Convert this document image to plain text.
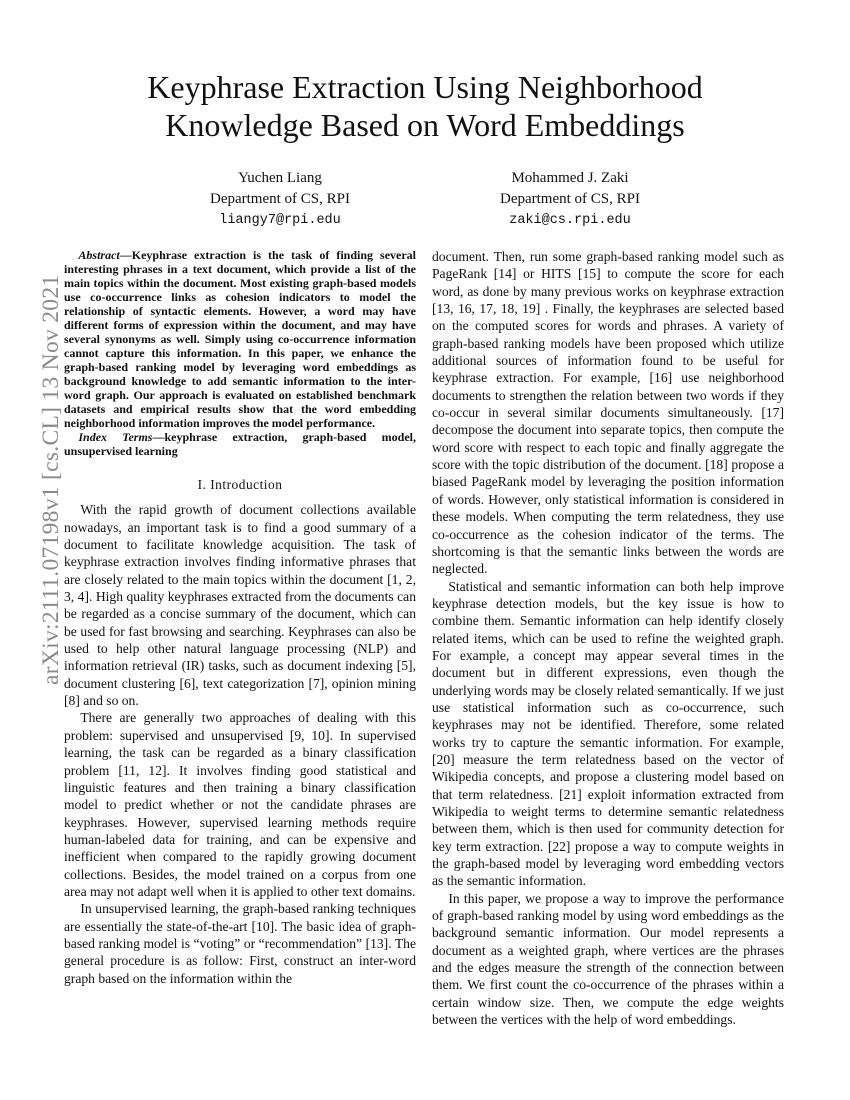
arXiv:2111.07198v1 [cs.CL] 13 Nov 2021
Keyphrase Extraction Using Neighborhood Knowledge Based on Word Embeddings
Yuchen Liang
Department of CS, RPI
liangy7@rpi.edu
Mohammed J. Zaki
Department of CS, RPI
zaki@cs.rpi.edu

Abstract—Keyphrase extraction is the task of finding several interesting phrases in a text document, which provide a list of the main topics within the document. Most existing graph-based models use co-occurrence links as cohesion indicators to model the relationship of syntactic elements. However, a word may have different forms of expression within the document, and may have several synonyms as well. Simply using co-occurrence information cannot capture this information. In this paper, we enhance the graph-based ranking model by leveraging word embeddings as background knowledge to add semantic information to the inter-word graph. Our approach is evaluated on established benchmark datasets and empirical results show that the word embedding neighborhood information improves the model performance.

Index Terms—keyphrase extraction, graph-based model, unsupervised learning

I. Introduction

With the rapid growth of document collections available nowadays, an important task is to find a good summary of a document to facilitate knowledge acquisition. The task of keyphrase extraction involves finding informative phrases that are closely related to the main topics within the document [1, 2, 3, 4]. High quality keyphrases extracted from the documents can be regarded as a concise summary of the document, which can be used for fast browsing and searching. Keyphrases can also be used to help other natural language processing (NLP) and information retrieval (IR) tasks, such as document indexing [5], document clustering [6], text categorization [7], opinion mining [8] and so on.

There are generally two approaches of dealing with this problem: supervised and unsupervised [9, 10]. In supervised learning, the task can be regarded as a binary classification problem [11, 12]. It involves finding good statistical and linguistic features and then training a binary classification model to predict whether or not the candidate phrases are keyphrases. However, supervised learning methods require human-labeled data for training, and can be expensive and inefficient when compared to the rapidly growing document collections. Besides, the model trained on a corpus from one area may not adapt well when it is applied to other text domains.

In unsupervised learning, the graph-based ranking techniques are essentially the state-of-the-art [10]. The basic idea of graph-based ranking model is “voting” or “recommendation” [13]. The general procedure is as follow: First, construct an inter-word graph based on the information within the

document. Then, run some graph-based ranking model such as PageRank [14] or HITS [15] to compute the score for each word, as done by many previous works on keyphrase extraction [13, 16, 17, 18, 19] . Finally, the keyphrases are selected based on the computed scores for words and phrases. A variety of graph-based ranking models have been proposed which utilize additional sources of information found to be useful for keyphrase extraction. For example, [16] use neighborhood documents to strengthen the relation between two words if they co-occur in several similar documents simultaneously. [17] decompose the document into separate topics, then compute the word score with respect to each topic and finally aggregate the score with the topic distribution of the document. [18] propose a biased PageRank model by leveraging the position information of words. However, only statistical information is considered in these models. When computing the term relatedness, they use co-occurrence as the cohesion indicator of the terms. The shortcoming is that the semantic links between the words are neglected.

Statistical and semantic information can both help improve keyphrase detection models, but the key issue is how to combine them. Semantic information can help identify closely related items, which can be used to refine the weighted graph. For example, a concept may appear several times in the document but in different expressions, even though the underlying words may be closely related semantically. If we just use statistical information such as co-occurrence, such keyphrases may not be identified. Therefore, some related works try to capture the semantic information. For example, [20] measure the term relatedness based on the vector of Wikipedia concepts, and propose a clustering model based on that term relatedness. [21] exploit information extracted from Wikipedia to weight terms to determine semantic relatedness between them, which is then used for community detection for key term extraction. [22] propose a way to compute weights in the graph-based model by leveraging word embedding vectors as the semantic information.

In this paper, we propose a way to improve the performance of graph-based ranking model by using word embeddings as the background semantic information. Our model represents a document as a weighted graph, where vertices are the phrases and the edges measure the strength of the connection between them. We first count the co-occurrence of the phrases within a certain window size. Then, we compute the edge weights between the vertices with the help of word embeddings.
